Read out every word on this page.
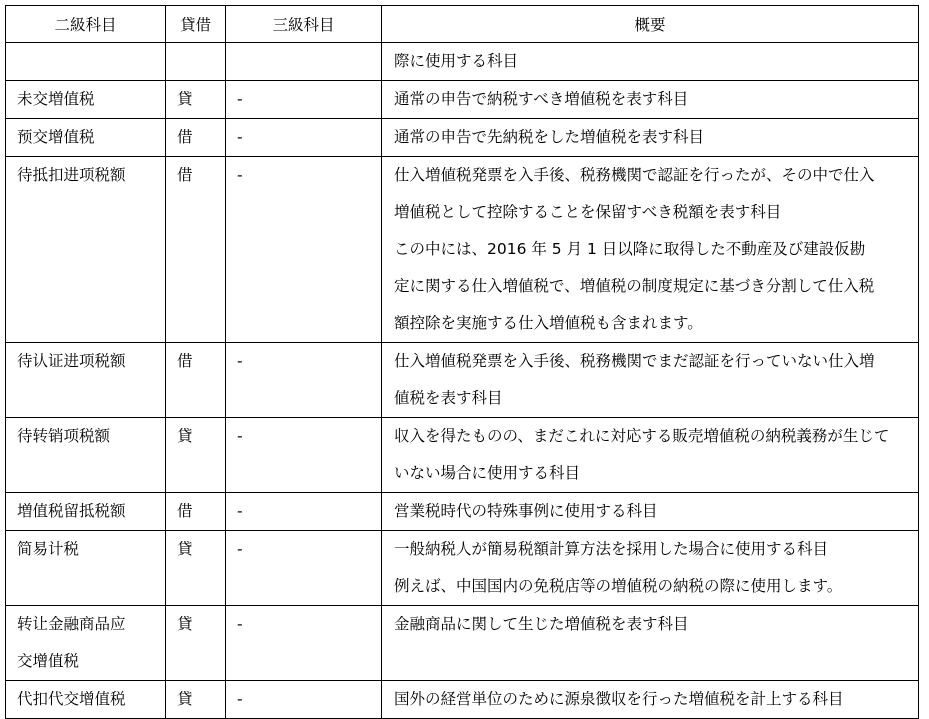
二級科目	貸借	三級科目	概要

			際に使用する科目

未交増值税	貸	-	通常の申告で納税すべき増値税を表す科目

预交增值税	借	-	通常の申告で先納税をした増値税を表す科目

待抵扣进项税额	借	-	仕入増値税発票を入手後、税務機関で認証を行ったが、その中で仕入
増値税として控除することを保留すべき税額を表す科目
この中には、2016 年 5 月 1 日以降に取得した不動産及び建設仮勘
定に関する仕入増値税で、増値税の制度規定に基づき分割して仕入税
額控除を実施する仕入増値税も含まれます。

待认证进项税额	借	-	仕入増値税発票を入手後、税務機関でまだ認証を行っていない仕入増
値税を表す科目

待转销项税额	貸	-	収入を得たものの、まだこれに対応する販売増値税の納税義務が生じて
いない場合に使用する科目

増值税留抵税额	借	-	営業税時代の特殊事例に使用する科目

简易计税	貸	-	一般納税人が簡易税額計算方法を採用した場合に使用する科目
例えば、中国国内の免税店等の増値税の納税の際に使用します。

转让金融商品应
交增值税	貸	-	金融商品に関して生じた増値税を表す科目

代扣代交增值税	貸	-	国外の経営単位のために源泉徴収を行った増値税を計上する科目
